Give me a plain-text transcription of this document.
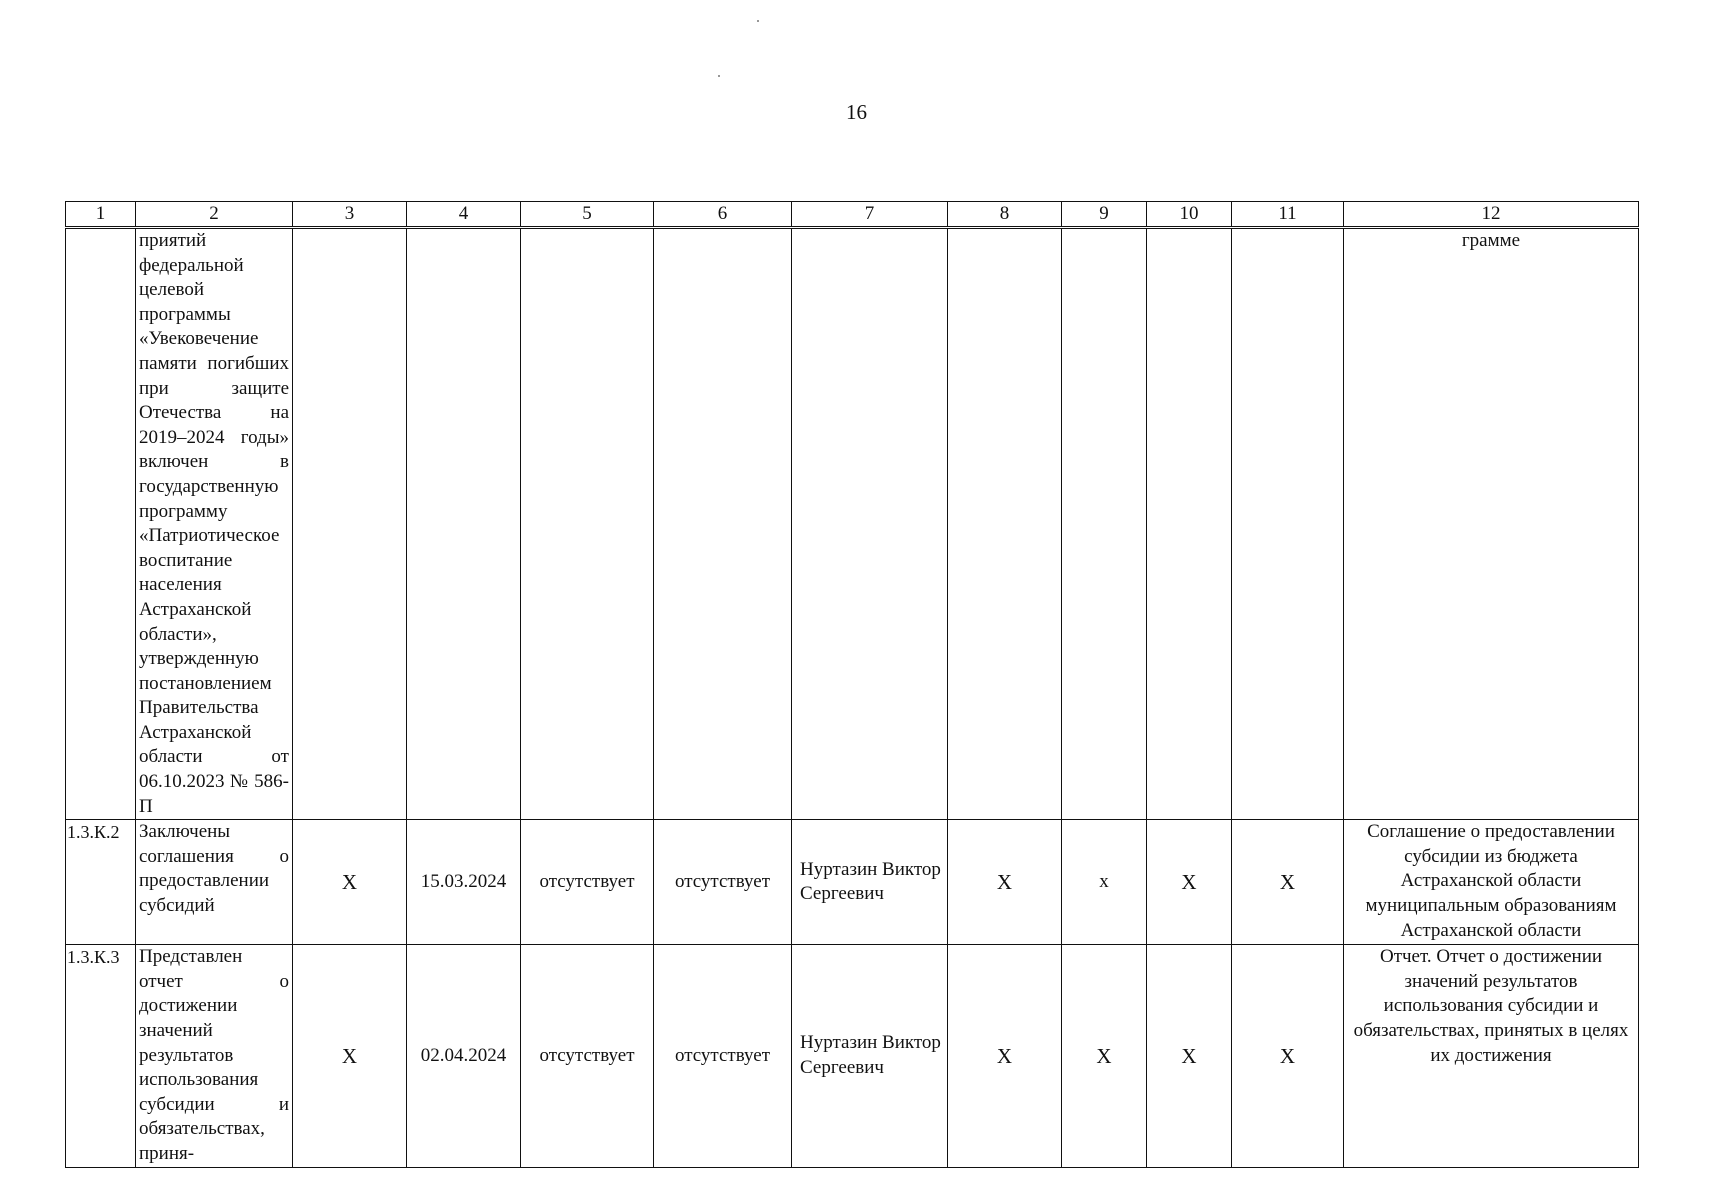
16
1	2	3	4	5	6	7	8	9	10	11	12
	приятий федеральной целевой программы «Увековечение памяти погибших при защите Отечества на 2019–2024 годы» включен в государственную программу «Патриотическое воспитание населения Астраханской области», утвержденную постановлением Правительства Астраханской области от 06.10.2023 № 586-П										грамме
1.3.К.2	Заключены соглашения о предоставлении субсидий	X	15.03.2024	отсутствует	отсутствует	Нуртазин Виктор Сергеевич	X	x	X	X	Соглашение о предоставлении субсидии из бюджета Астраханской области муниципальным образованиям Астраханской области
1.3.К.3	Представлен отчет о достижении значений результатов использования субсидии и обязательствах, приня-	X	02.04.2024	отсутствует	отсутствует	Нуртазин Виктор Сергеевич	X	X	X	X	Отчет. Отчет о достижении значений результатов использования субсидии и обязательствах, принятых в целях их достижения
